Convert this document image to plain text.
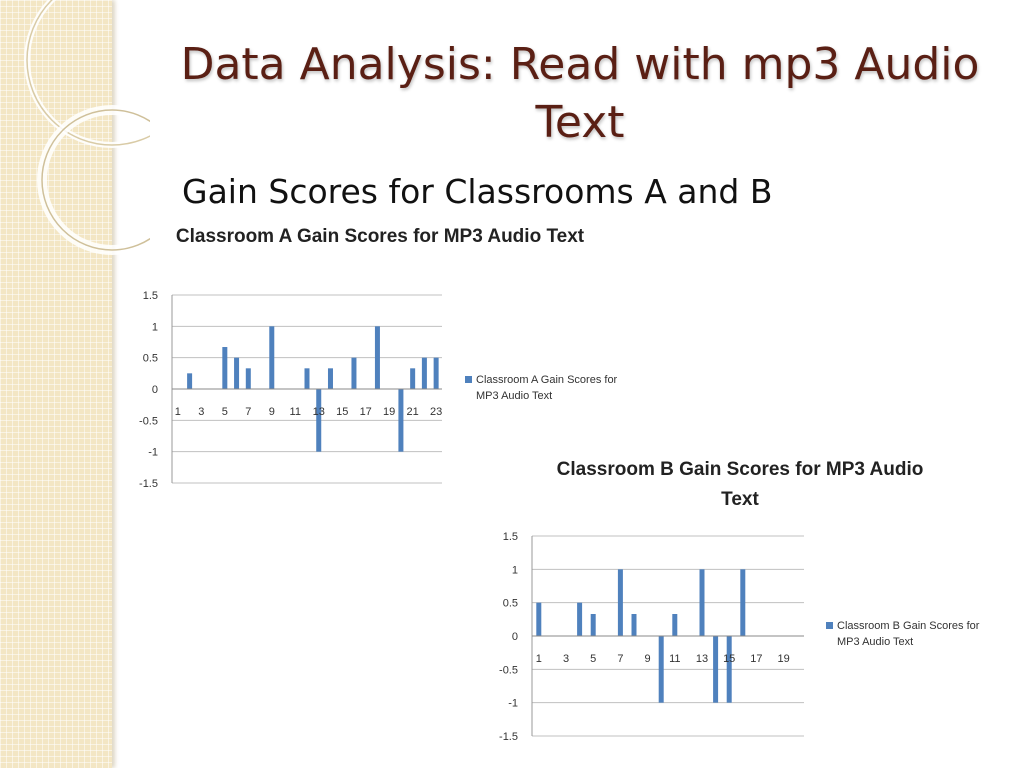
Data Analysis: Read with mp3 Audio Text

Gain Scores for Classrooms A and B

Classroom A Gain Scores for MP3 Audio Text
1.5
1
0.5
0
-0.5
-1
-1.5
1 3 5 7 9 11 13 15 17 19 21 23
Classroom A Gain Scores for MP3 Audio Text
Classroom B Gain Scores for MP3 Audio Text
1.5
1
0.5
0
-0.5
-1
-1.5
1 3 5 7 9 11 13 15 17 19
Classroom B Gain Scores for MP3 Audio Text
